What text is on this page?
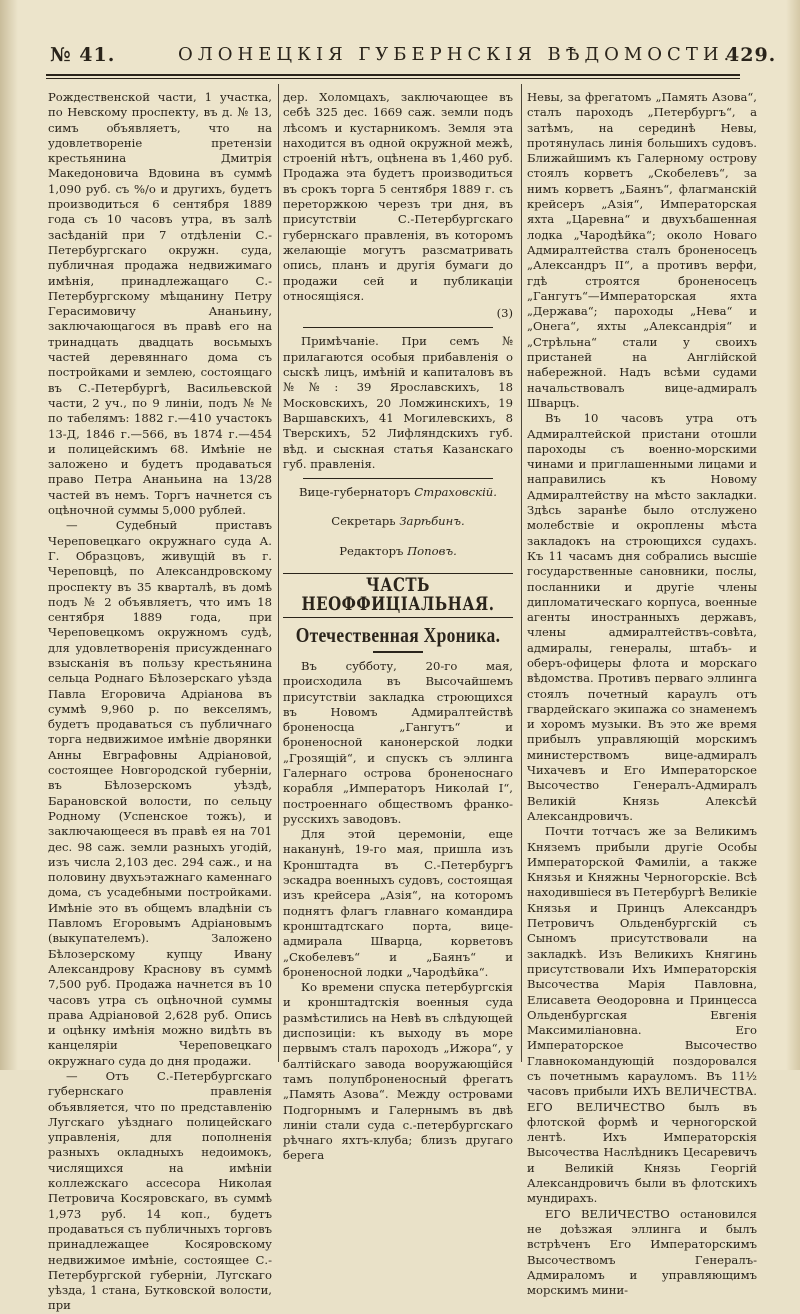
№ 41.	ОЛОНЕЦКІЯ ГУБЕРНСКІЯ ВѢДОМОСТИ.
429.

Рождественской части, 1 участка, по Невскому проспекту, въ д. № 13, симъ объявляетъ, что на удовлетвореніе претензіи крестьянина Дмитрія Македоновича Вдовина въ суммѣ 1,090 руб. съ %/о и другихъ, будетъ производиться 6 сентября 1889 года съ 10 часовъ утра, въ залѣ засѣданій при 7 отдѣленіи С.-Петербургскаго окружн. суда, публичная продажа недвижимаго имѣнія, принадлежащаго С.-Петербургскому мѣщанину Петру Герасимовичу Ананьину, заключающагося въ правѣ его на тринадцать двадцать восьмыхъ частей деревяннаго дома съ постройками и землею, состоящаго въ С.-Петербургѣ, Васильевской части, 2 уч., по 9 линіи, подъ № № по табелямъ: 1882 г.—410 участокъ 13-Д, 1846 г.—566, въ 1874 г.—454 и полицейскимъ 68. Имѣніе не заложено и будетъ продаваться право Петра Ананьина на 13/28 частей въ немъ. Торгъ начнется съ оцѣночной суммы 5,000 рублей.

— Судебный приставъ Череповецкаго окружнаго суда А. Г. Образцовъ, живущій въ г. Череповцѣ, по Александровскому проспекту въ 35 кварталѣ, въ домѣ подъ № 2 объявляетъ, что имъ 18 сентября 1889 года, при Череповецкомъ окружномъ судѣ, для удовлетворенія присужденнаго взысканія въ пользу крестьянина сельца Роднаго Бѣлозерскаго уѣзда Павла Егоровича Адріанова въ суммѣ 9,960 р. по векселямъ, будетъ продаваться съ публичнаго торга недвижимое имѣніе дворянки Анны Евграфовны Адріановой, состоящее Новгородской губерніи, въ Бѣлозерскомъ уѣздѣ, Барановской волости, по сельцу Родному (Успенское тожъ), и заключающееся въ правѣ ея на 701 дес. 98 саж. земли разныхъ угодій, изъ числа 2,103 дес. 294 саж., и на половину двухъэтажнаго каменнаго дома, съ усадебными постройками. Имѣніе это въ общемъ владѣніи съ Павломъ Егоровымъ Адріановымъ (выкупателемъ). Заложено Бѣлозерскому купцу Ивану Александрову Краснову въ суммѣ 7,500 руб. Продажа начнется въ 10 часовъ утра съ оцѣночной суммы права Адріановой 2,628 руб. Опись и оцѣнку имѣнія можно видѣть въ канцеляріи Череповецкаго окружнаго суда до дня продажи.

— Отъ С.-Петербургскаго губернскаго правленія объявляется, что по представленію Лугскаго уѣзднаго полицейскаго управленія, для пополненія разныхъ окладныхъ недоимокъ, числящихся на имѣніи коллежскаго ассесора Николая Петровича Косяровскаго, въ суммѣ 1,973 руб. 14 коп., будетъ продаваться съ публичныхъ торговъ принадлежащее Косяровскому недвижимое имѣніе, состоящее С.-Петербургской губерніи, Лугскаго уѣзда, 1 стана, Бутковской волости, при

дер. Холомцахъ, заключающее въ себѣ 325 дес. 1669 саж. земли подъ лѣсомъ и кустарникомъ. Земля эта находится въ одной окружной межѣ, строеній нѣтъ, оцѣнена въ 1,460 руб. Продажа эта будетъ производиться въ срокъ торга 5 сентября 1889 г. съ переторжкою черезъ три дня, въ присутствіи С.-Петербургскаго губернскаго правленія, въ которомъ желающіе могутъ разсматривать опись, планъ и другія бумаги до продажи сей и публикаціи относящіяся.

(3)

Примѣчаніе. При семъ № прилагаются особыя прибавленія о сыскѣ лицъ, имѣній и капиталовъ въ №№: 39 Ярославскихъ, 18 Московскихъ, 20 Ломжинскихъ, 19 Варшавскихъ, 41 Могилевскихъ, 8 Тверскихъ, 52 Лифляндскихъ губ. вѣд. и сыскная статья Казанскаго губ. правленія.

Вице-губернаторъ Страховскій.
Секретарь Зарѣбинъ.
Редакторъ Поповъ.
ЧАСТЬ НЕОФФИЦІАЛЬНАЯ.
Отечественная Хроника.

Въ субботу, 20-го мая, происходила въ Высочайшемъ присутствіи закладка строющихся въ Новомъ Адмиралтействѣ броненосца „Гангутъ“ и броненосной канонерской лодки „Грозящій“, и спускъ съ эллинга Галернаго острова броненоснаго корабля „Императоръ Николай I“, построеннаго обществомъ франко-русскихъ заводовъ.

Для этой церемоніи, еще наканунѣ, 19-го мая, пришла изъ Кронштадта въ С.-Петербургъ эскадра военныхъ судовъ, состоящая изъ крейсера „Азія“, на которомъ поднятъ флагъ главнаго командира кронштадтскаго порта, вице-адмирала Шварца, корветовъ „Скобелевъ“ и „Баянъ“ и броненосной лодки „Чародѣйка“.

Ко времени спуска петербургскія и кронштадтскія военныя суда размѣстились на Невѣ въ слѣдующей диспозиціи: къ выходу въ море первымъ сталъ пароходъ „Ижора“, у балтійскаго завода вооружающійся тамъ полупброненосный фрегатъ „Память Азова“. Между островами Подгорнымъ и Галернымъ въ двѣ линіи стали суда с.-петербургскаго рѣчнаго яхтъ-клуба; близъ другаго берега

Невы, за фрегатомъ „Память Азова“, сталъ пароходъ „Петербургъ“, а затѣмъ, на серединѣ Невы, протянулась линія большихъ судовъ. Ближайшимъ къ Галерному острову стоялъ корветъ „Скобелевъ“, за нимъ корветъ „Баянъ“, флагманскій крейсеръ „Азія“, Императорская яхта „Царевна“ и двухъбашенная лодка „Чародѣйка“; около Новаго Адмиралтейства сталъ броненосецъ „Александръ II“, а противъ верфи, гдѣ строятся броненосецъ „Гангутъ“—Императорская яхта „Держава“; пароходы „Нева“ и „Онега“, яхты „Александрія“ и „Стрѣльна“ стали у своихъ пристаней на Англійской набережной. Надъ всѣми судами начальствовалъ вице-адмиралъ Шварцъ.

Въ 10 часовъ утра отъ Адмиралтейской пристани отошли пароходы съ военно-морскими чинами и приглашенными лицами и направились къ Новому Адмиралтейству на мѣсто закладки. Здѣсь заранѣе было отслужено молебствіе и окроплены мѣста закладокъ на строющихся судахъ. Къ 11 часамъ дня собрались высшіе государственные сановники, послы, посланники и другіе члены дипломатическаго корпуса, военные агенты иностранныхъ державъ, члены адмиралтействъ-совѣта, адмиралы, генералы, штабъ- и оберъ-офицеры флота и морскаго вѣдомства. Противъ перваго эллинга стоялъ почетный караулъ отъ гвардейскаго экипажа со знаменемъ и хоромъ музыки. Въ это же время прибылъ управляющій морскимъ министерствомъ вице-адмиралъ Чихачевъ и Его Императорское Высочество Генералъ-Адмиралъ Великій Князь Алексѣй Александровичъ.

Почти тотчасъ же за Великимъ Княземъ прибыли другіе Особы Императорской Фамиліи, а также Князья и Княжны Черногорскіе. Всѣ находившіеся въ Петербургѣ Великіе Князья и Принцъ Александръ Петровичъ Ольденбургскій съ Сыномъ присутствовали на закладкѣ. Изъ Великихъ Княгинь присутствовали Ихъ Императорскія Высочества Марія Павловна, Елисавета Ѳеодоровна и Принцесса Ольденбургская Евгенія Максимиліановна. Его Императорское Высочество Главнокомандующій поздоровался съ почетнымъ карауломъ. Въ 11½ часовъ прибыли ИХЪ ВЕЛИЧЕСТВА. ЕГО ВЕЛИЧЕСТВО былъ въ флотской формѣ и черногорской лентѣ. Ихъ Императорскія Высочества Наслѣдникъ Цесаревичъ и Великій Князь Георгій Александровичъ были въ флотскихъ мундирахъ.

ЕГО ВЕЛИЧЕСТВО остановился не доѣзжая эллинга и былъ встрѣченъ Его Императорскимъ Высочествомъ Генералъ-Адмираломъ и управляющимъ морскимъ мини-
